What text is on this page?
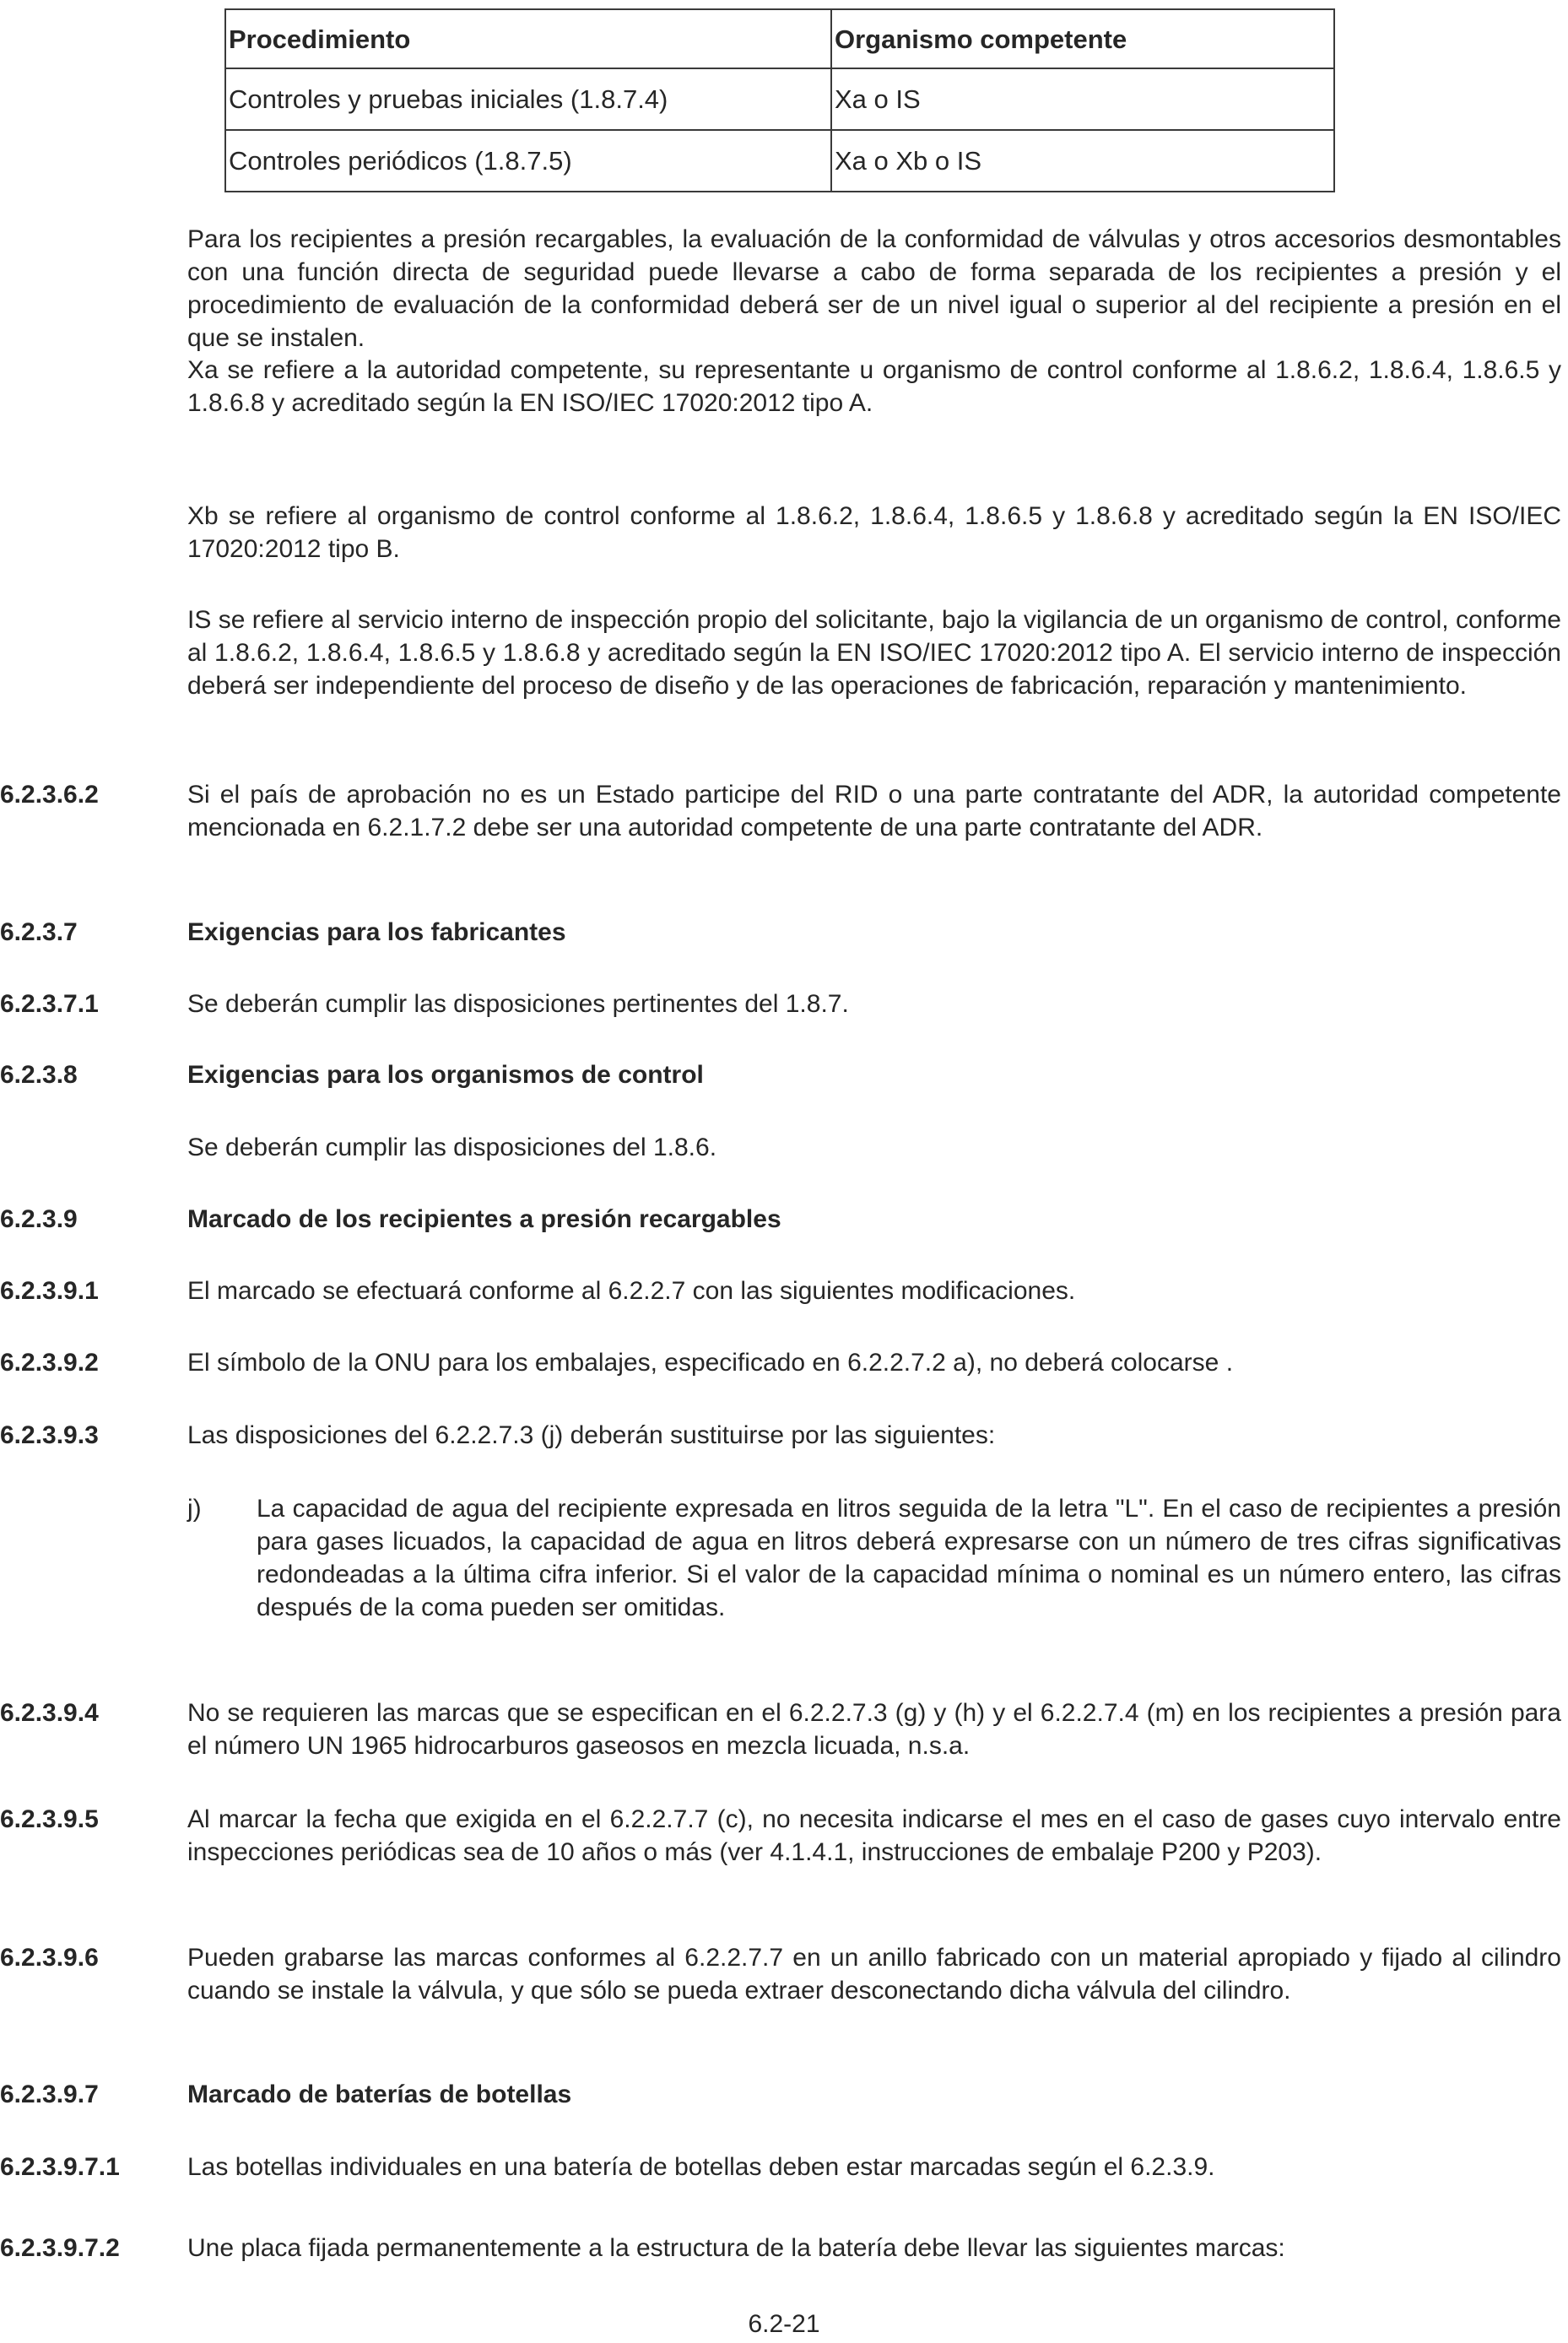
Procedimiento	Organismo competente
Controles y pruebas iniciales (1.8.7.4)	Xa o IS
Controles periódicos (1.8.7.5)	Xa o Xb o IS

Para los recipientes a presión recargables, la evaluación de la conformidad de válvulas y otros accesorios desmontables con una función directa de seguridad puede llevarse a cabo de forma separada de los recipientes a presión y el procedimiento de evaluación de la conformidad deberá ser de un nivel igual o superior al del recipiente a presión en el que se instalen.

Xa se refiere a la autoridad competente, su representante u organismo de control conforme al 1.8.6.2, 1.8.6.4, 1.8.6.5 y 1.8.6.8 y acreditado según la EN ISO/IEC 17020:2012 tipo A.

Xb se refiere al organismo de control conforme al 1.8.6.2, 1.8.6.4, 1.8.6.5 y 1.8.6.8 y acreditado según la EN ISO/IEC 17020:2012 tipo B.

IS se refiere al servicio interno de inspección propio del solicitante, bajo la vigilancia de un organismo de control, conforme al 1.8.6.2, 1.8.6.4, 1.8.6.5 y 1.8.6.8 y acreditado según la EN ISO/IEC 17020:2012 tipo A. El servicio interno de inspección deberá ser independiente del proceso de diseño y de las operaciones de fabricación, reparación y mantenimiento.

6.2.3.6.2	Si el país de aprobación no es un Estado participe del RID o una parte contratante del ADR, la autoridad competente mencionada en 6.2.1.7.2 debe ser una autoridad competente de una parte contratante del ADR.

6.2.3.7	Exigencias para los fabricantes
6.2.3.7.1	Se deberán cumplir las disposiciones pertinentes del 1.8.7.

6.2.3.8	Exigencias para los organismos de control

Se deberán cumplir las disposiciones del 1.8.6.

6.2.3.9	Marcado de los recipientes a presión recargables
6.2.3.9.1	El marcado se efectuará conforme al 6.2.2.7 con las siguientes modificaciones.

6.2.3.9.2	El símbolo de la ONU para los embalajes, especificado en 6.2.2.7.2 a), no deberá colocarse .

6.2.3.9.3	Las disposiciones del 6.2.2.7.3 (j) deberán sustituirse por las siguientes:

j) La capacidad de agua del recipiente expresada en litros seguida de la letra "L". En el caso de recipientes a presión para gases licuados, la capacidad de agua en litros deberá expresarse con un número de tres cifras significativas redondeadas a la última cifra inferior. Si el valor de la capacidad mínima o nominal es un número entero, las cifras después de la coma pueden ser omitidas.

6.2.3.9.4	No se requieren las marcas que se especifican en el 6.2.2.7.3 (g) y (h) y el 6.2.2.7.4 (m) en los recipientes a presión para el número UN 1965 hidrocarburos gaseosos en mezcla licuada, n.s.a.

6.2.3.9.5	Al marcar la fecha que exigida en el 6.2.2.7.7 (c), no necesita indicarse el mes en el caso de gases cuyo intervalo entre inspecciones periódicas sea de 10 años o más (ver 4.1.4.1, instrucciones de embalaje P200 y P203).

6.2.3.9.6	Pueden grabarse las marcas conformes al 6.2.2.7.7 en un anillo fabricado con un material apropiado y fijado al cilindro cuando se instale la válvula, y que sólo se pueda extraer desconectando dicha válvula del cilindro.

6.2.3.9.7	Marcado de baterías de botellas
6.2.3.9.7.1	Las botellas individuales en una batería de botellas deben estar marcadas según el 6.2.3.9.

6.2.3.9.7.2	Une placa fijada permanentemente a la estructura de la batería debe llevar las siguientes marcas:

6.2-21
